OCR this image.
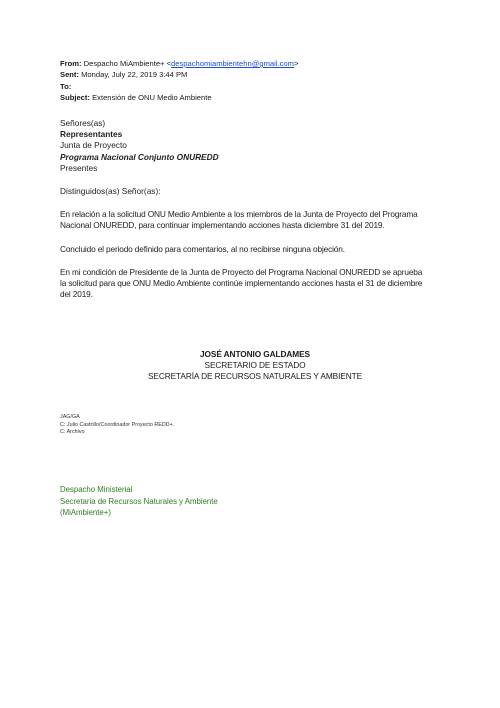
From: Despacho MiAmbiente+ <despachomiambientehn@gmail.com>
Sent: Monday, July 22, 2019 3:44 PM
To:
Subject: Extensión de ONU Medio Ambiente
Señores(as)
Representantes
Junta de Proyecto
Programa Nacional Conjunto ONUREDD
Presentes
Distinguidos(as) Señor(as):

En relación a la solicitud ONU Medio Ambiente a los miembros de la Junta de Proyecto del Programa

Nacional ONUREDD, para continuar implementando acciones hasta diciembre 31 del 2019.

Concluido el periodo definido para comentarios, al no recibirse ninguna objeción.

En mi condición de Presidente de la Junta de Proyecto del Programa Nacional ONUREDD se aprueba

la solicitud para que ONU Medio Ambiente continúe implementando acciones hasta el 31 de diciembre

del 2019.

JOSÉ ANTONIO GALDAMES
SECRETARIO DE ESTADO
SECRETARÍA DE RECURSOS NATURALES Y AMBIENTE
JAG/GA
C: Julio Castrillo/Coordinador Proyecto REDD+.
C: Archivo
Despacho Ministerial
Secretaria de Recursos Naturales y Ambiente
(MiAmbiente+)
